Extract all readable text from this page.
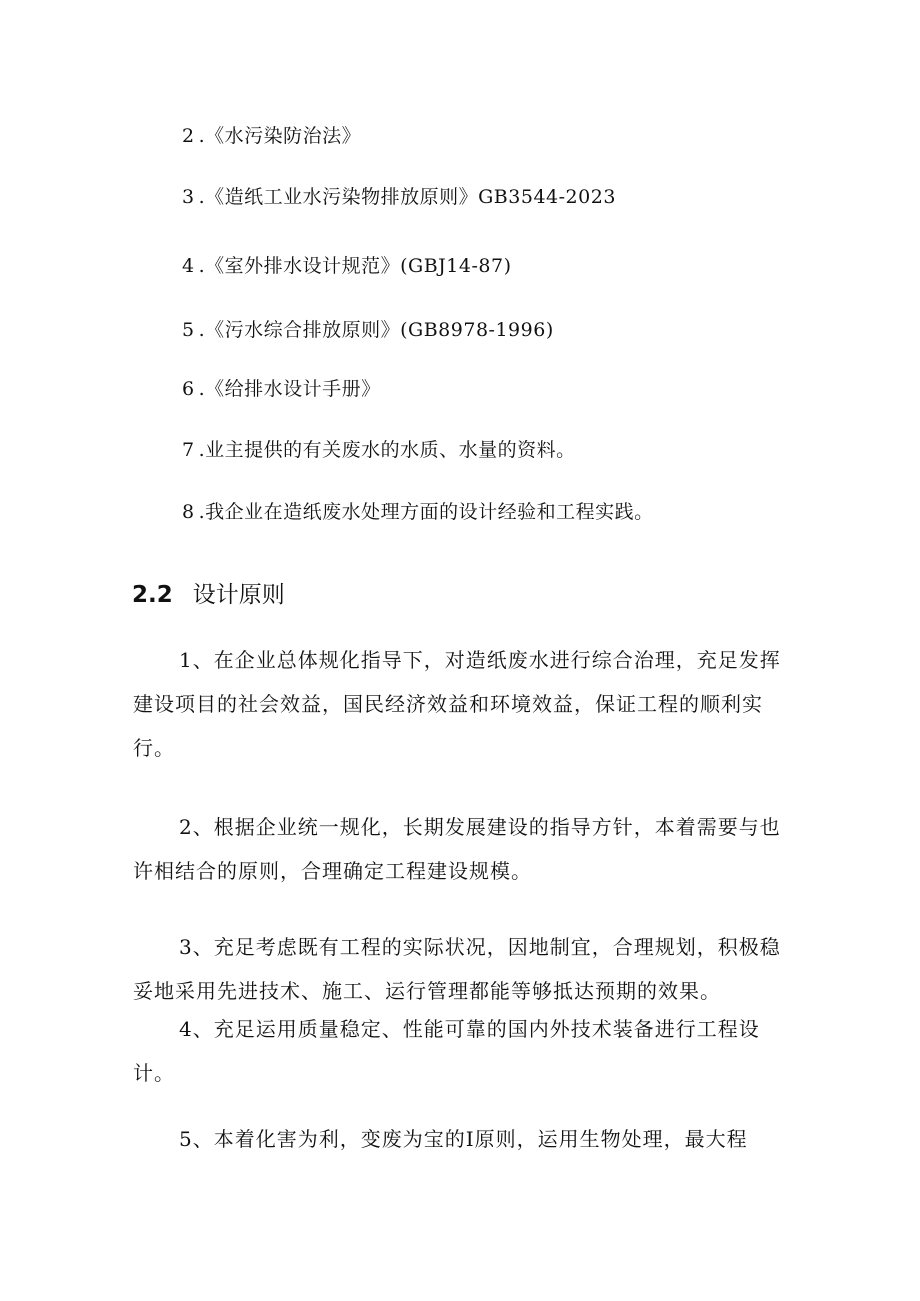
2 .《水污染防治法》
3 .《造纸工业水污染物排放原则》GB3544-2023
4 .《室外排水设计规范》(GBJ14-87)
5 .《污水综合排放原则》(GB8978-1996)
6 .《给排水设计手册》
7 .业主提供的有关废水的水质、水量的资料。
8 .我企业在造纸废水处理方面的设计经验和工程实践。
2.2 设计原则

1、在企业总体规化指导下，对造纸废水进行综合治理，充足发挥建设项目的社会效益，国民经济效益和环境效益，保证工程的顺利实行。

2、根据企业统一规化，长期发展建设的指导方针，本着需要与也许相结合的原则，合理确定工程建设规模。

3、充足考虑既有工程的实际状况，因地制宜，合理规划，积极稳妥地采用先进技术、施工、运行管理都能等够抵达预期的效果。

4、充足运用质量稳定、性能可靠的国内外技术装备进行工程设计。

5、本着化害为利，变废为宝的I原则，运用生物处理，最大程
